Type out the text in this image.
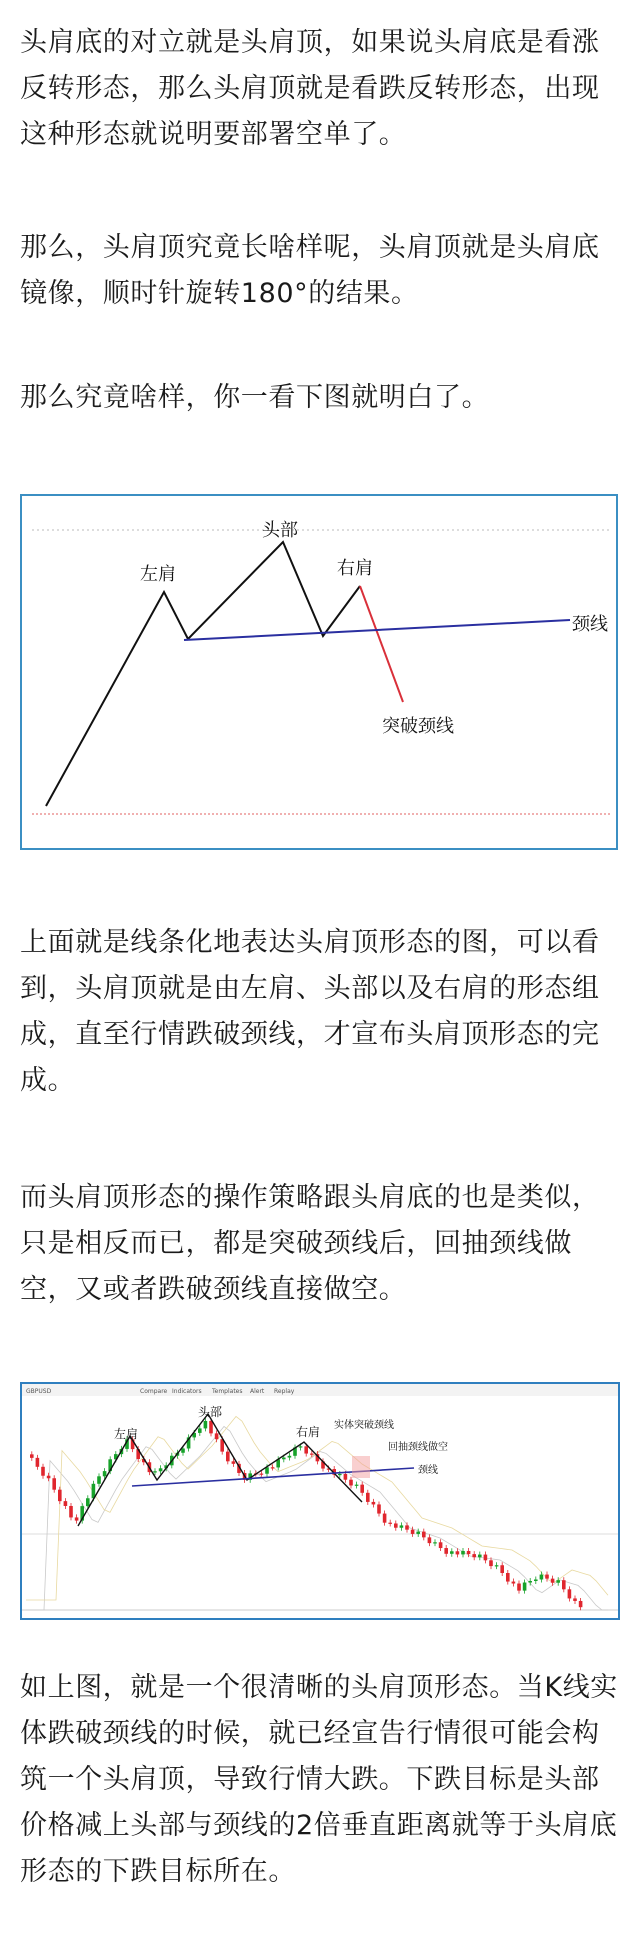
头肩底的对立就是头肩顶，如果说头肩底是看涨反转形态，那么头肩顶就是看跌反转形态，出现这种形态就说明要部署空单了。

那么，头肩顶究竟长啥样呢，头肩顶就是头肩底镜像，顺时针旋转180°的结果。

那么究竟啥样，你一看下图就明白了。

左肩
头部
右肩
颈线
突破颈线

上面就是线条化地表达头肩顶形态的图，可以看到，头肩顶就是由左肩、头部以及右肩的形态组成，直至行情跌破颈线，才宣布头肩顶形态的完成。

而头肩顶形态的操作策略跟头肩底的也是类似，只是相反而已，都是突破颈线后，回抽颈线做空，又或者跌破颈线直接做空。

GBPUSD	Compare Indicators Templates Alert Replay
左肩
头部
右肩 实体突破颈线
回抽颈线做空
颈线

如上图，就是一个很清晰的头肩顶形态。当K线实体跌破颈线的时候，就已经宣告行情很可能会构筑一个头肩顶，导致行情大跌。下跌目标是头部价格减上头部与颈线的2倍垂直距离就等于头肩底形态的下跌目标所在。
